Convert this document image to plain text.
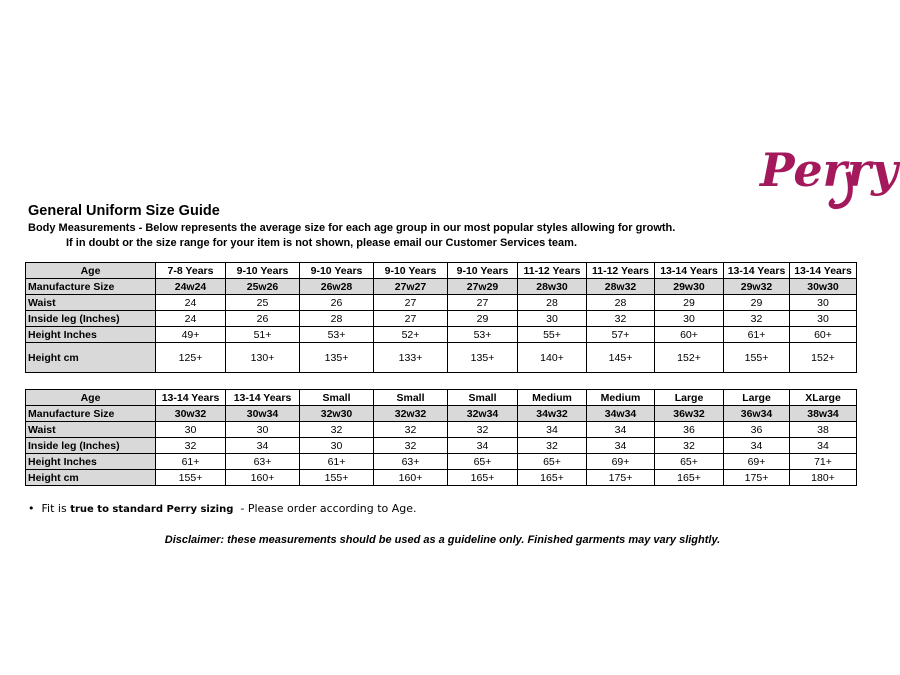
Perry
General Uniform Size Guide
Body Measurements - Below represents the average size for each age group in our most popular styles allowing for growth.
If in doubt or the size range for your item is not shown, please email our Customer Services team.
Age	7-8 Years	9-10 Years	9-10 Years	9-10 Years	9-10 Years	11-12 Years	11-12 Years	13-14 Years	13-14 Years	13-14 Years
Manufacture Size	24w24	25w26	26w28	27w27	27w29	28w30	28w32	29w30	29w32	30w30
Waist	24	25	26	27	27	28	28	29	29	30
Inside leg (Inches)	24	26	28	27	29	30	32	30	32	30
Height Inches	49+	51+	53+	52+	53+	55+	57+	60+	61+	60+
Height cm	125+	130+	135+	133+	135+	140+	145+	152+	155+	152+
Age	13-14 Years	13-14 Years	Small	Small	Small	Medium	Medium	Large	Large	XLarge
Manufacture Size	30w32	30w34	32w30	32w32	32w34	34w32	34w34	36w32	36w34	38w34
Waist	30	30	32	32	32	34	34	36	36	38
Inside leg (Inches)	32	34	30	32	34	32	34	32	34	34
Height Inches	61+	63+	61+	63+	65+	65+	69+	65+	69+	71+
Height cm	155+	160+	155+	160+	165+	165+	175+	165+	175+	180+
• Fit is true to standard Perry sizing - Please order according to Age.
Disclaimer: these measurements should be used as a guideline only. Finished garments may vary slightly.
